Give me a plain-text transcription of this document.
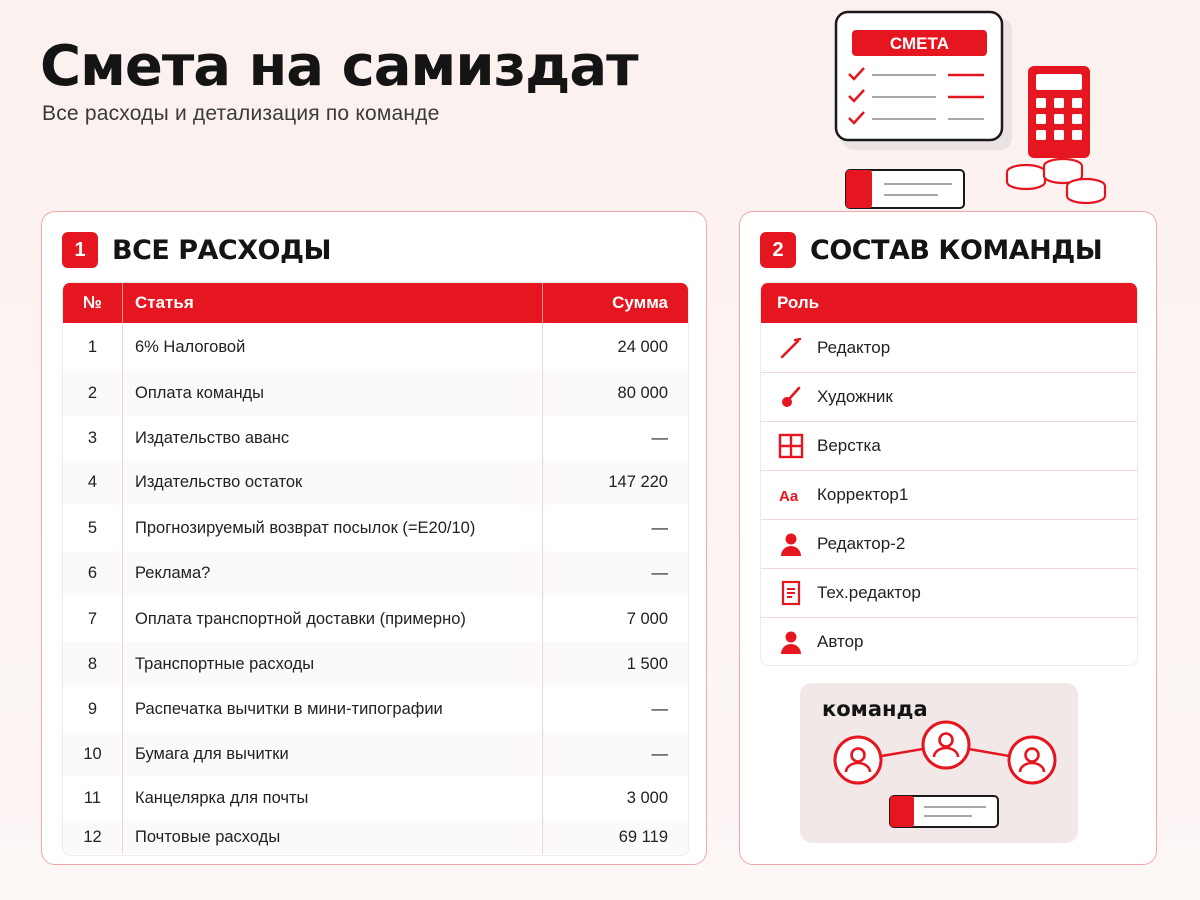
Смета на самиздат
Все расходы и детализация по команде
СМЕТА
1 ВСЕ РАСХОДЫ
№	Статья	Сумма
1	6% Налоговой	24 000
2	Оплата команды	80 000
3	Издательство аванс	—
4	Издательство остаток	147 220
5	Прогнозируемый возврат посылок (=E20/10)	—
6	Реклама?	—
7	Оплата транспортной доставки (примерно)	7 000
8	Транспортные расходы	1 500
9	Распечатка вычитки в мини-типографии	—
10	Бумага для вычитки	—
11	Канцелярка для почты	3 000
12	Почтовые расходы	69 119
2 СОСТАВ КОМАНДЫ
Роль
Редактор
Художник
Верстка
Aa Корректор1
Редактор-2
Тех.редактор
Автор
команда
